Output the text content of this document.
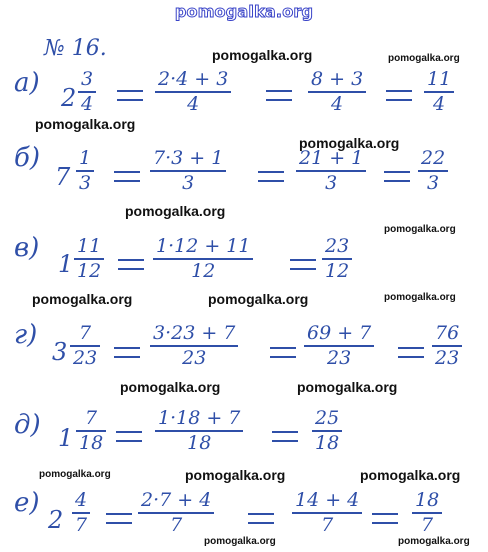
pomogalka.org
pomogalka.org	pomogalka.org
pomogalka.org
pomogalka.org
pomogalka.org
pomogalka.org
pomogalka.org	pomogalka.org	pomogalka.org
pomogalka.org	pomogalka.org
pomogalka.org	pomogalka.org	pomogalka.org
№ 16.
а) 2
3
4
2·4 + 3
4
8 + 3
4
11
4
б)
7
1
3
7·3 + 1
3
21 + 1
3
22
3
в)
1
11
12
1·12 + 11
12
23
12
г)
3
7
23
3·23 + 7
23
69 + 7
23
76
23
д) 1
7
18
1·18 + 7
18
25
18
е)
2
4
7
2·7 + 4
7
14 + 4
7
18
7
pomogalka.org	pomogalka.org
